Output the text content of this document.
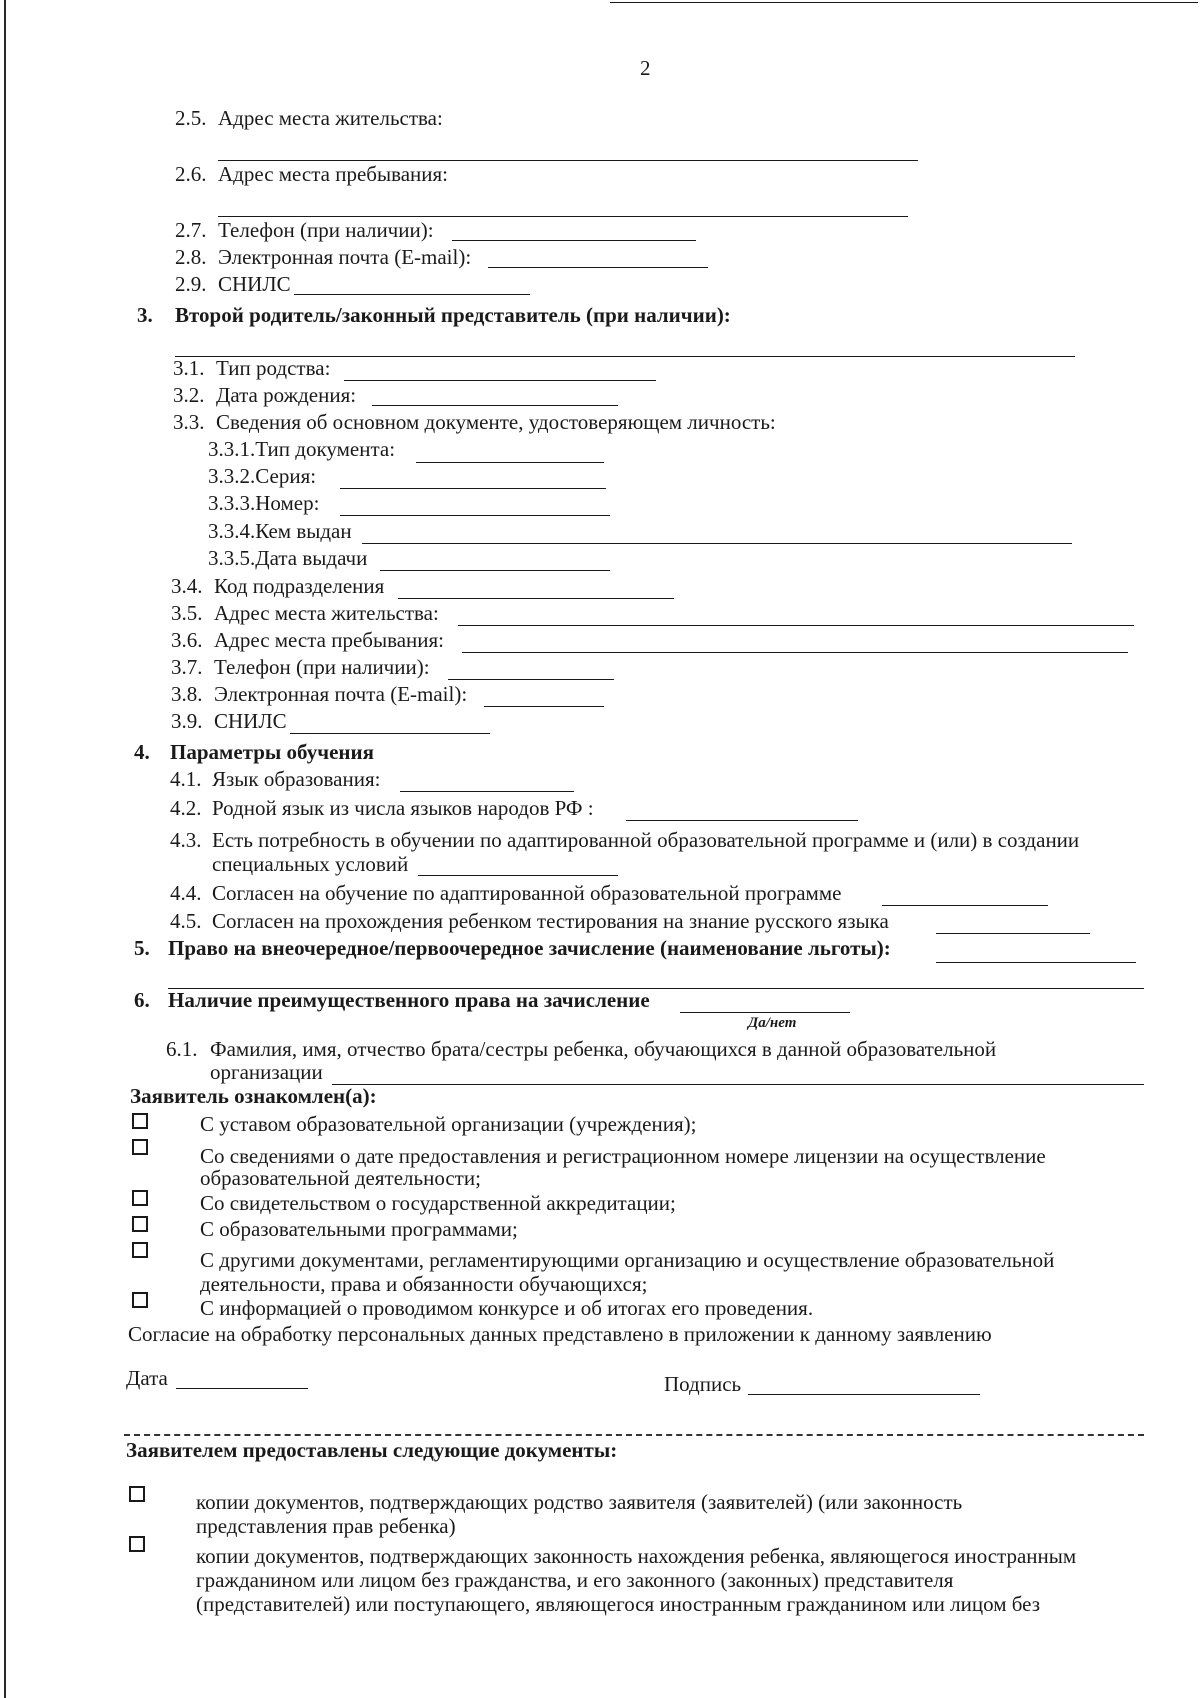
2
2.5. Адрес места жительства:
2.6. Адрес места пребывания:
2.7. Телефон (при наличии):
2.8. Электронная почта (E-mail):
2.9. СНИЛС
3. Второй родитель/законный представитель (при наличии):
3.1. Тип родства:
3.2. Дата рождения:
3.3. Сведения об основном документе, удостоверяющем личность:
3.3.1.Тип документа:
3.3.2.Серия:
3.3.3.Номер:
3.3.4.Кем выдан
3.3.5.Дата выдачи
3.4. Код подразделения
3.5. Адрес места жительства:
3.6. Адрес места пребывания:
3.7. Телефон (при наличии):
3.8. Электронная почта (E-mail):
3.9. СНИЛС
4. Параметры обучения
4.1. Язык образования:
4.2. Родной язык из числа языков народов РФ :
4.3. Есть потребность в обучении по адаптированной образовательной программе и (или) в создании
специальных условий
4.4. Согласен на обучение по адаптированной образовательной программе
4.5. Согласен на прохождения ребенком тестирования на знание русского языка
5. Право на внеочередное/первоочередное зачисление (наименование льготы):
6. Наличие преимущественного права на зачисление
Да/нет
6.1. Фамилия, имя, отчество брата/сестры ребенка, обучающихся в данной образовательной
организации
Заявитель ознакомлен(а):
С уставом образовательной организации (учреждения);
Со сведениями о дате предоставления и регистрационном номере лицензии на осуществление
образовательной деятельности;
Со свидетельством о государственной аккредитации;
С образовательными программами;
С другими документами, регламентирующими организацию и осуществление образовательной
деятельности, права и обязанности обучающихся;
С информацией о проводимом конкурсе и об итогах его проведения.
Согласие на обработку персональных данных представлено в приложении к данному заявлению
Дата	Подпись
Заявителем предоставлены следующие документы:
копии документов, подтверждающих родство заявителя (заявителей) (или законность
представления прав ребенка)
копии документов, подтверждающих законность нахождения ребенка, являющегося иностранным
гражданином или лицом без гражданства, и его законного (законных) представителя
(представителей) или поступающего, являющегося иностранным гражданином или лицом без
